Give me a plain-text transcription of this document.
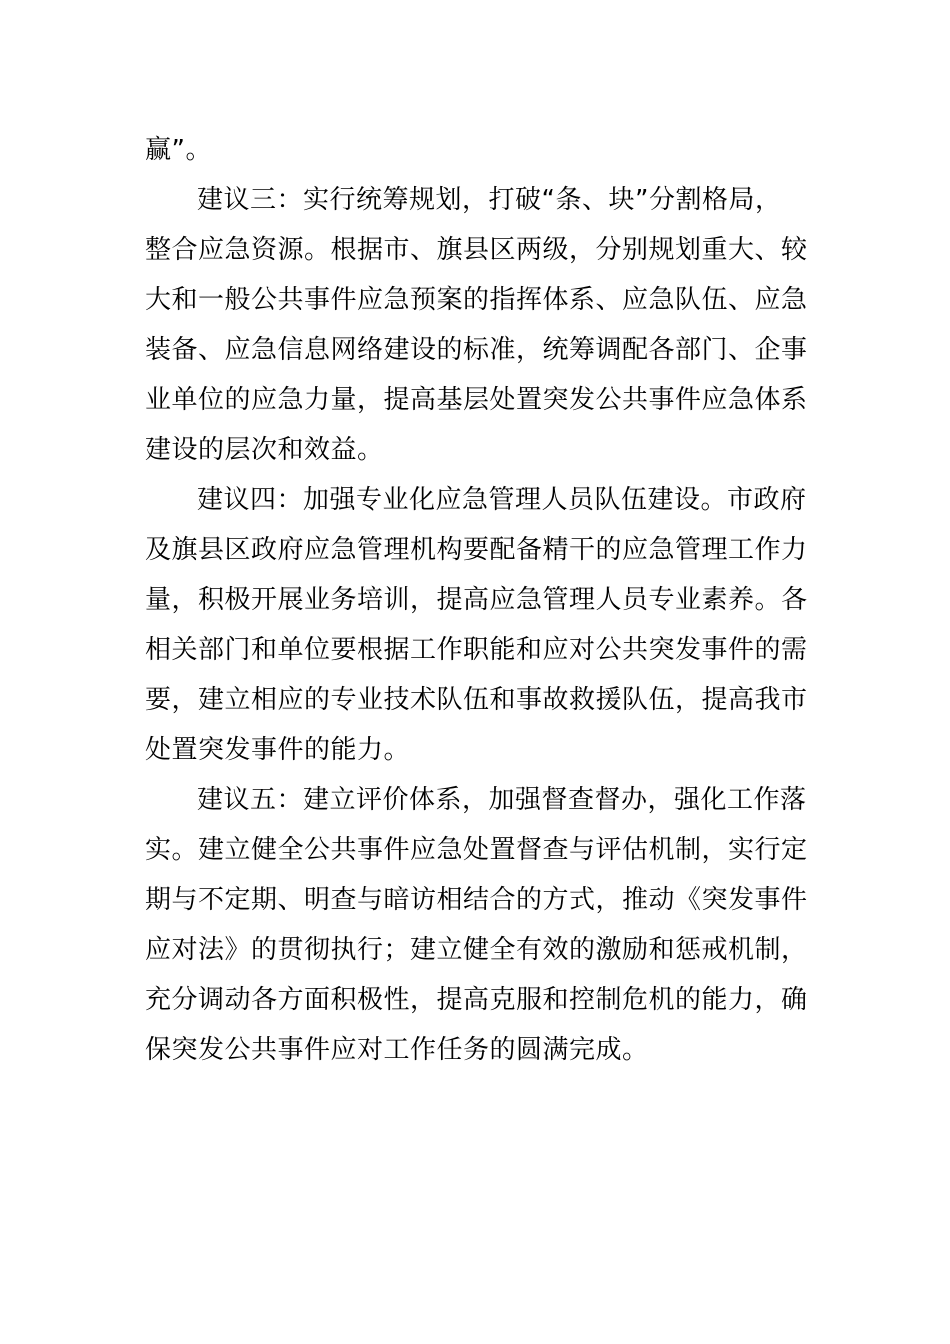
赢”。
建议三：实行统筹规划，打破“条、块”分割格局，
整合应急资源。根据市、旗县区两级，分别规划重大、较
大和一般公共事件应急预案的指挥体系、应急队伍、应急
装备、应急信息网络建设的标准，统筹调配各部门、企事
业单位的应急力量，提高基层处置突发公共事件应急体系
建设的层次和效益。
建议四：加强专业化应急管理人员队伍建设。市政府
及旗县区政府应急管理机构要配备精干的应急管理工作力
量，积极开展业务培训，提高应急管理人员专业素养。各
相关部门和单位要根据工作职能和应对公共突发事件的需
要，建立相应的专业技术队伍和事故救援队伍，提高我市
处置突发事件的能力。
建议五：建立评价体系，加强督查督办，强化工作落
实。建立健全公共事件应急处置督查与评估机制，实行定
期与不定期、明查与暗访相结合的方式，推动《突发事件
应对法》的贯彻执行；建立健全有效的激励和惩戒机制，
充分调动各方面积极性，提高克服和控制危机的能力，确
保突发公共事件应对工作任务的圆满完成。
